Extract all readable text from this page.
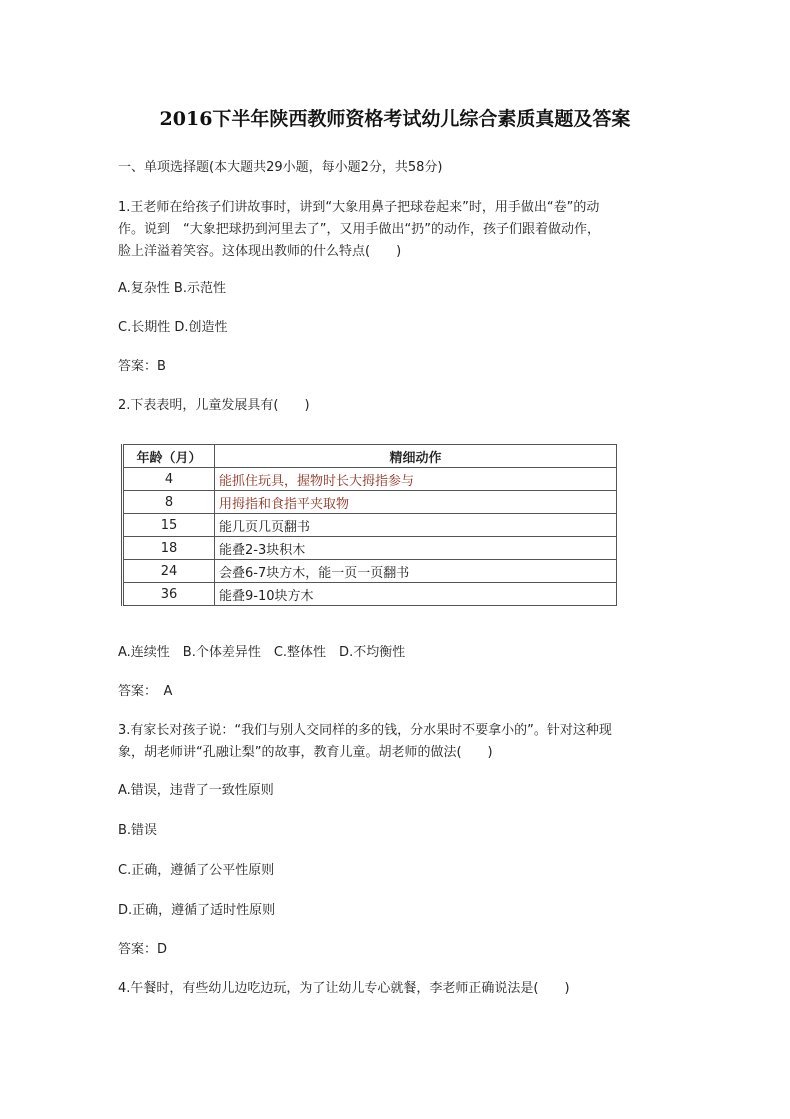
2016下半年陕西教师资格考试幼儿综合素质真题及答案
一、单项选择题(本大题共29小题，每小题2分，共58分)
1.王老师在给孩子们讲故事时，讲到“大象用鼻子把球卷起来”时，用手做出“卷”的动
作。说到　“大象把球扔到河里去了”，又用手做出“扔”的动作，孩子们跟着做动作，
脸上洋溢着笑容。这体现出教师的什么特点(　　)
A.复杂性 B.示范性
C.长期性 D.创造性
答案：B
2.下表表明，儿童发展具有(　　)
年龄（月）	精细动作
4	能抓住玩具，握物时长大拇指参与
8	用拇指和食指平夹取物
15	能几页几页翻书
18	能叠2-3块积木
24	会叠6-7块方木，能一页一页翻书
36	能叠9-10块方木
A.连续性　B.个体差异性　C.整体性　D.不均衡性
答案：　A
3.有家长对孩子说：“我们与别人交同样的多的钱，分水果时不要拿小的”。针对这种现
象，胡老师讲“孔融让梨”的故事，教育儿童。胡老师的做法(　　)
A.错误，违背了一致性原则
B.错误
C.正确，遵循了公平性原则
D.正确，遵循了适时性原则
答案：D
4.午餐时，有些幼儿边吃边玩，为了让幼儿专心就餐，李老师正确说法是(　　)
